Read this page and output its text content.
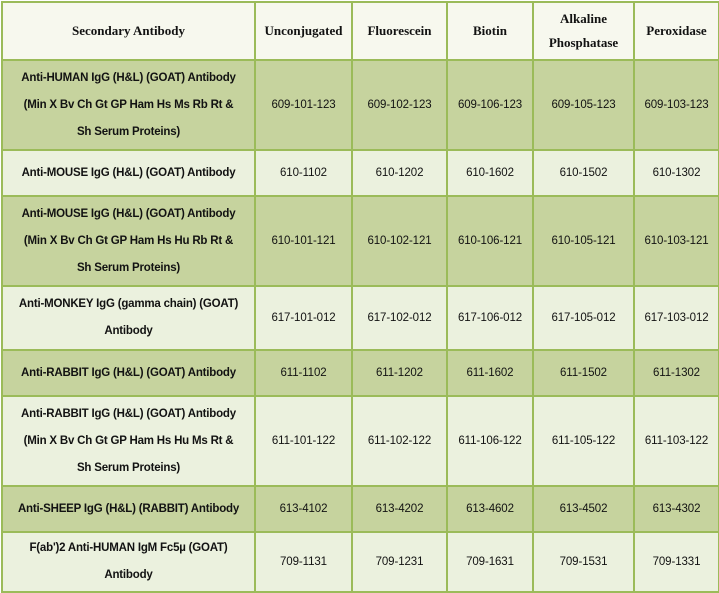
Secondary Antibody	Unconjugated	Fluorescein	Biotin	Alkaline Phosphatase	Peroxidase

Anti-HUMAN IgG (H&L) (GOAT) Antibody
(Min X Bv Ch Gt GP Ham Hs Ms Rb Rt &
Sh Serum Proteins)	609-101-123	609-102-123	609-106-123	609-105-123	609-103-123

Anti-MOUSE IgG (H&L) (GOAT) Antibody	610-1102	610-1202	610-1602	610-1502	610-1302

Anti-MOUSE IgG (H&L) (GOAT) Antibody
(Min X Bv Ch Gt GP Ham Hs Hu Rb Rt &
Sh Serum Proteins)	610-101-121	610-102-121	610-106-121	610-105-121	610-103-121

Anti-MONKEY IgG (gamma chain) (GOAT)
Antibody	617-101-012	617-102-012	617-106-012	617-105-012	617-103-012

Anti-RABBIT IgG (H&L) (GOAT) Antibody	611-1102	611-1202	611-1602	611-1502	611-1302

Anti-RABBIT IgG (H&L) (GOAT) Antibody
(Min X Bv Ch Gt GP Ham Hs Hu Ms Rt &
Sh Serum Proteins)	611-101-122	611-102-122	611-106-122	611-105-122	611-103-122

Anti-SHEEP IgG (H&L) (RABBIT) Antibody	613-4102	613-4202	613-4602	613-4502	613-4302

F(ab')2 Anti-HUMAN IgM Fc5µ (GOAT)
Antibody	709-1131	709-1231	709-1631	709-1531	709-1331
